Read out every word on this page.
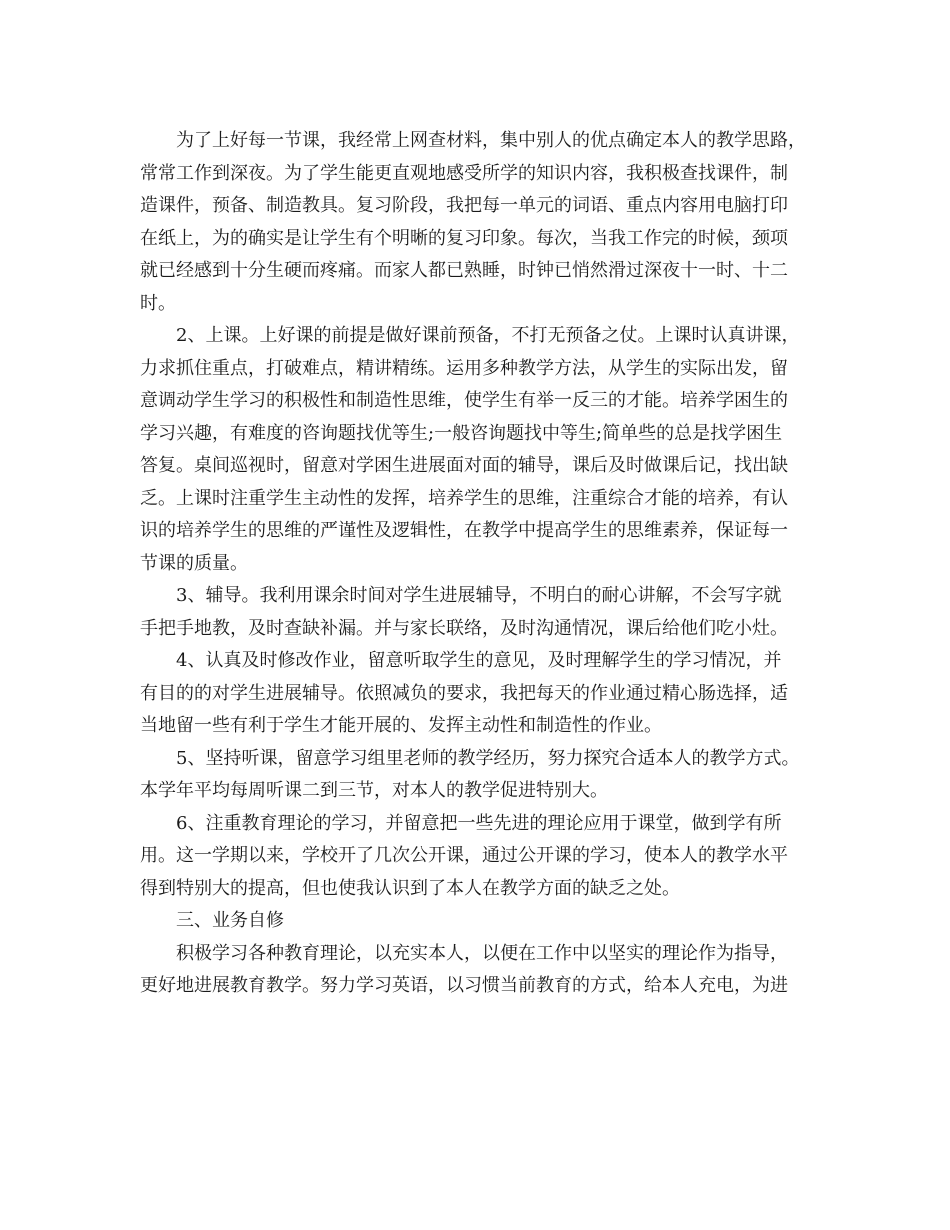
为了上好每一节课，我经常上网查材料，集中别人的优点确定本人的教学思路，
常常工作到深夜。为了学生能更直观地感受所学的知识内容，我积极查找课件，制
造课件，预备、制造教具。复习阶段，我把每一单元的词语、重点内容用电脑打印
在纸上，为的确实是让学生有个明晰的复习印象。每次，当我工作完的时候，颈项
就已经感到十分生硬而疼痛。而家人都已熟睡，时钟已悄然滑过深夜十一时、十二
时。
2、上课。上好课的前提是做好课前预备，不打无预备之仗。上课时认真讲课，
力求抓住重点，打破难点，精讲精练。运用多种教学方法，从学生的实际出发，留
意调动学生学习的积极性和制造性思维，使学生有举一反三的才能。培养学困生的
学习兴趣，有难度的咨询题找优等生;一般咨询题找中等生;简单些的总是找学困生
答复。桌间巡视时，留意对学困生进展面对面的辅导，课后及时做课后记，找出缺
乏。上课时注重学生主动性的发挥，培养学生的思维，注重综合才能的培养，有认
识的培养学生的思维的严谨性及逻辑性，在教学中提高学生的思维素养，保证每一
节课的质量。
3、辅导。我利用课余时间对学生进展辅导，不明白的耐心讲解，不会写字就
手把手地教，及时查缺补漏。并与家长联络，及时沟通情况，课后给他们吃小灶。
4、认真及时修改作业，留意听取学生的意见，及时理解学生的学习情况，并
有目的的对学生进展辅导。依照减负的要求，我把每天的作业通过精心肠选择，适
当地留一些有利于学生才能开展的、发挥主动性和制造性的作业。
5、坚持听课，留意学习组里老师的教学经历，努力探究合适本人的教学方式。
本学年平均每周听课二到三节，对本人的教学促进特别大。
6、注重教育理论的学习，并留意把一些先进的理论应用于课堂，做到学有所
用。这一学期以来，学校开了几次公开课，通过公开课的学习，使本人的教学水平
得到特别大的提高，但也使我认识到了本人在教学方面的缺乏之处。
三、业务自修
积极学习各种教育理论，以充实本人，以便在工作中以坚实的理论作为指导，
更好地进展教育教学。努力学习英语，以习惯当前教育的方式，给本人充电，为进
